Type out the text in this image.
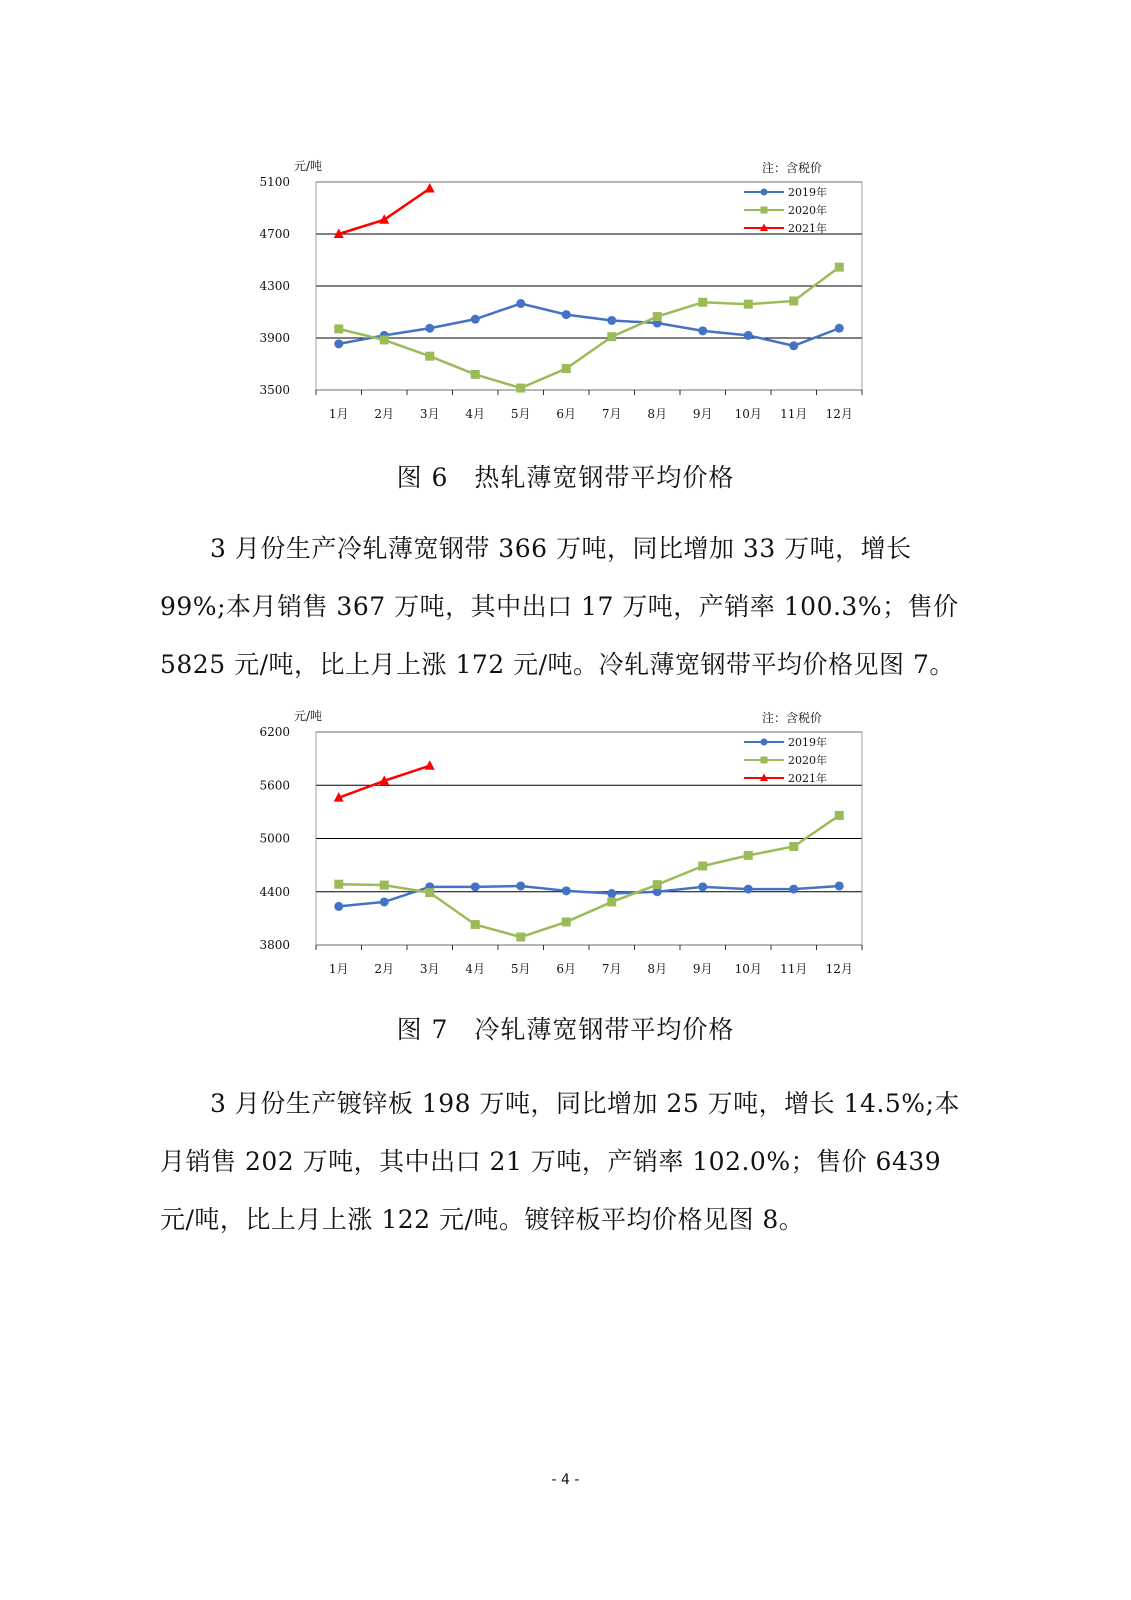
元/吨	注：含税价
5100
4700
4300
3900
3500
1月 2月 3月 4月 5月 6月 7月 8月 9月 10月 11月 12月
2019年
2020年
2021年
图 6　热轧薄宽钢带平均价格

3 月份生产冷轧薄宽钢带 366 万吨，同比增加 33 万吨，增长 99%;本月销售 367 万吨，其中出口 17 万吨，产销率 100.3%；售价 5825 元/吨，比上月上涨 172 元/吨。冷轧薄宽钢带平均价格见图 7。

元/吨	注：含税价
6200
5600
5000
4400
3800
1月 2月 3月 4月 5月 6月 7月 8月 9月 10月 11月 12月
2019年
2020年
2021年
图 7　冷轧薄宽钢带平均价格

3 月份生产镀锌板 198 万吨，同比增加 25 万吨，增长 14.5%;本月销售 202 万吨，其中出口 21 万吨，产销率 102.0%；售价 6439 元/吨，比上月上涨 122 元/吨。镀锌板平均价格见图 8。

- 4 -
